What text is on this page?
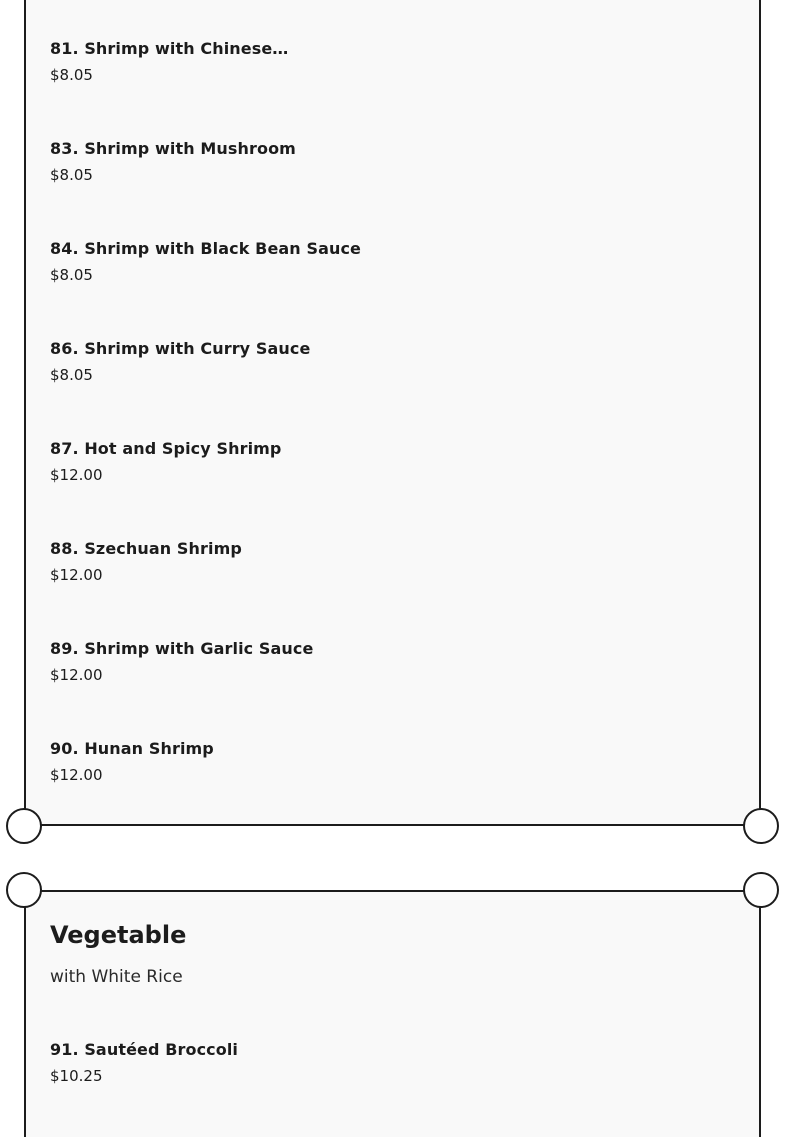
81. Shrimp with Chinese…
$8.05
83. Shrimp with Mushroom
$8.05
84. Shrimp with Black Bean Sauce
$8.05
86. Shrimp with Curry Sauce
$8.05
87. Hot and Spicy Shrimp
$12.00
88. Szechuan Shrimp
$12.00
89. Shrimp with Garlic Sauce
$12.00
90. Hunan Shrimp
$12.00
Vegetable
with White Rice
91. Sautéed Broccoli
$10.25
